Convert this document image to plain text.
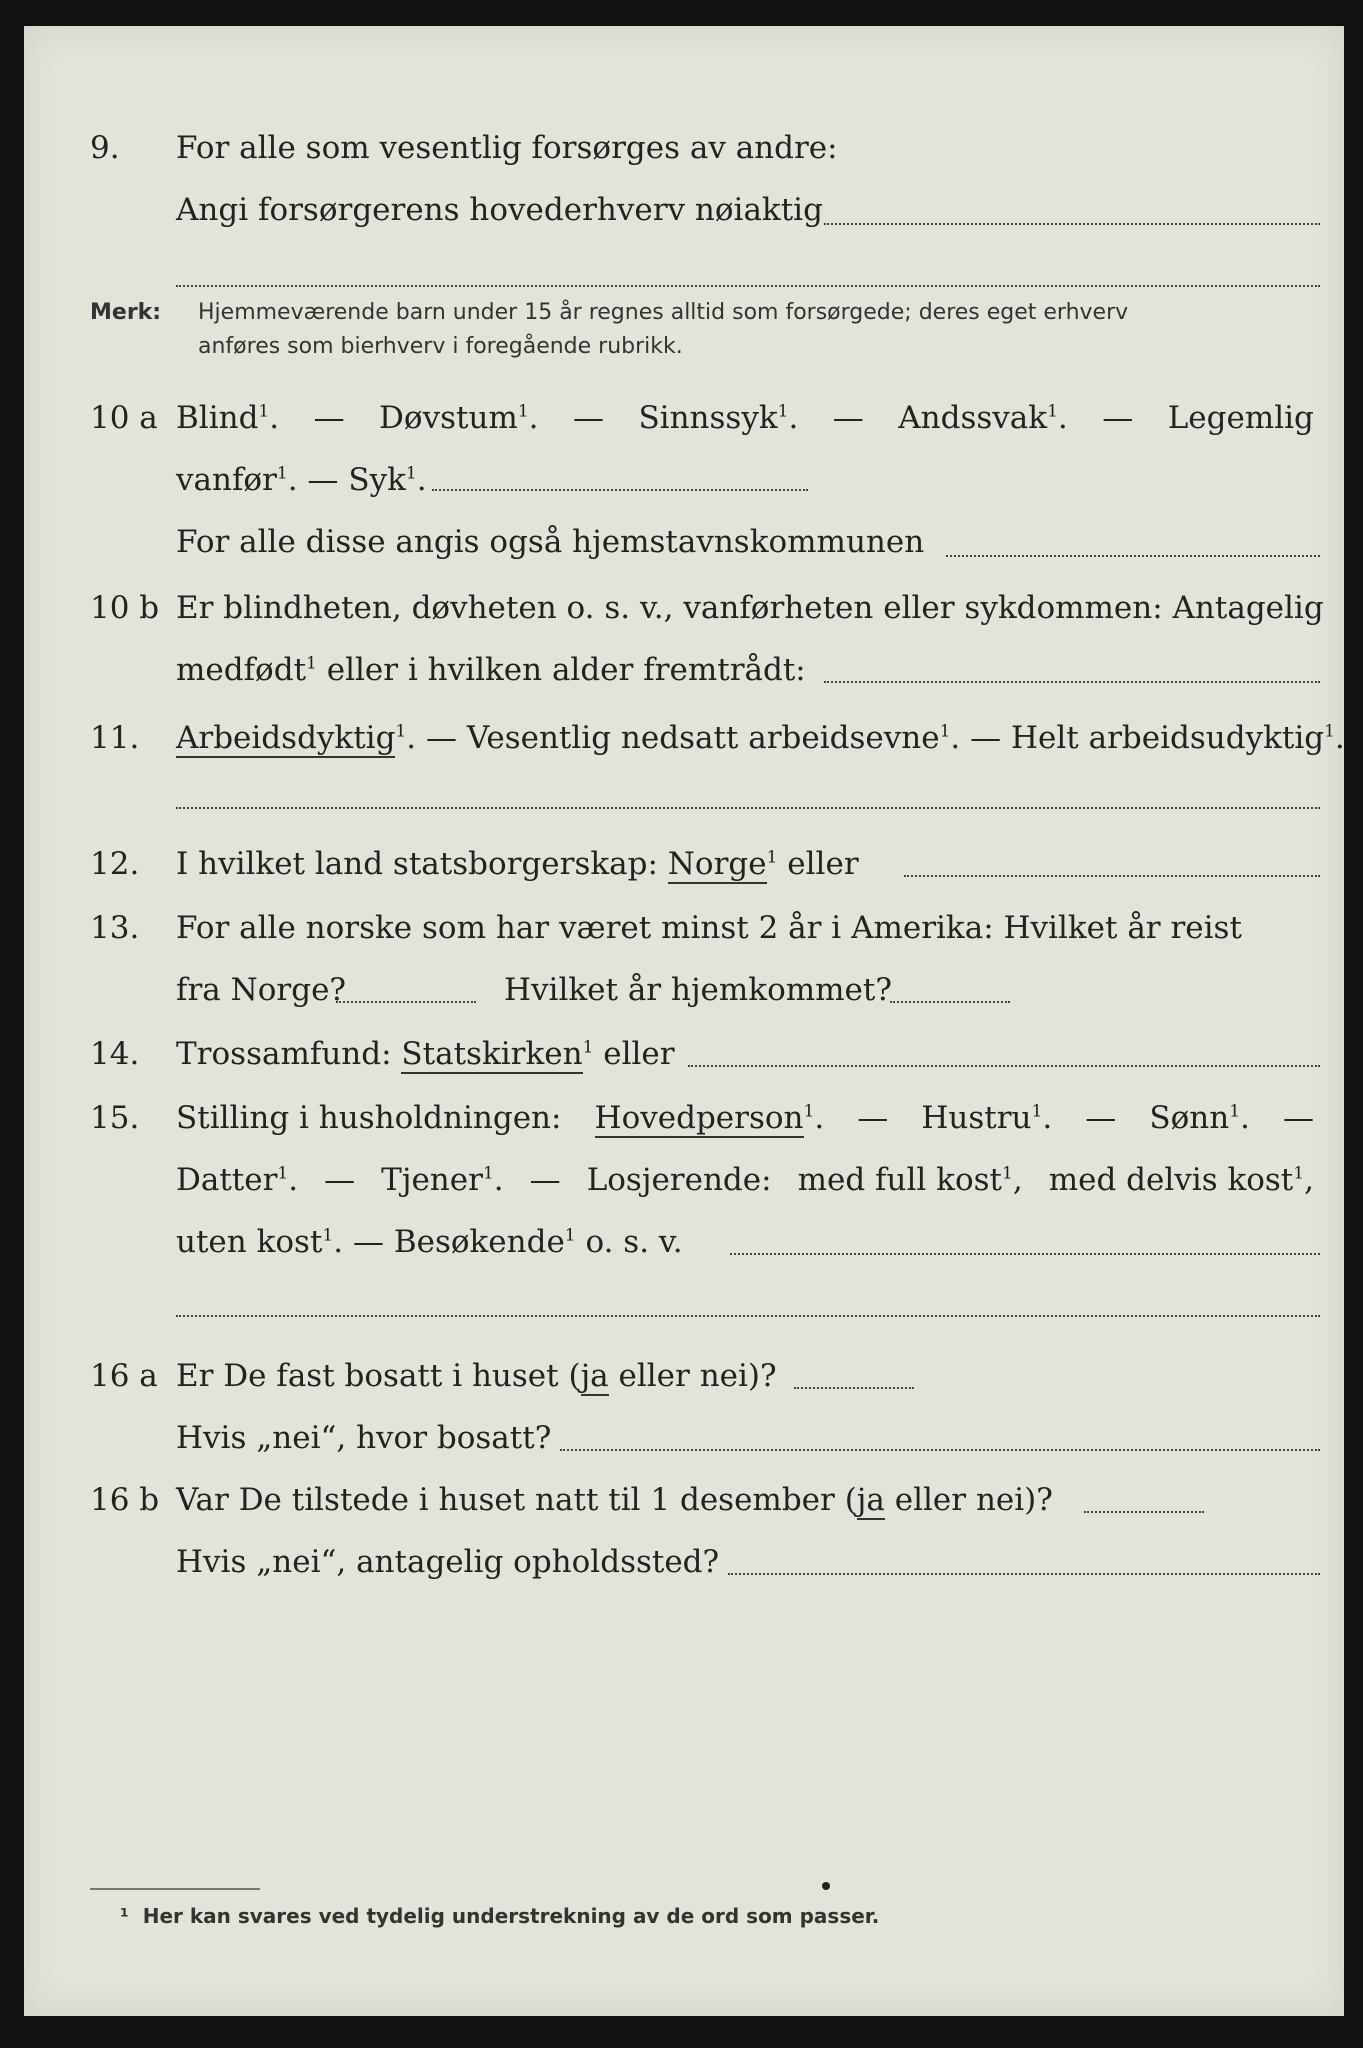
9. For alle som vesentlig forsørges av andre:
Angi forsørgerens hovederhverv nøiaktig
Merk: Hjemmeværende barn under 15 år regnes alltid som forsørgede; deres eget erhverv
anføres som bierhverv i foregående rubrikk.
10 a Blind$^1$. — Døvstum$^1$. — Sinnssyk$^1$. — Andssvak$^1$. — Legemlig
vanfør$^1$. — Syk$^1$.
For alle disse angis også hjemstavnskommunen
10 b Er blindheten, døvheten o. s. v., vanførheten eller sykdommen: Antagelig
medfødt$^1$ eller i hvilken alder fremtrådt:
11. Arbeidsdyktig$^1$. — Vesentlig nedsatt arbeidsevne$^1$. — Helt arbeidsudyktig$^1$.
12. I hvilket land statsborgerskap: Norge$^1$ eller
13. For alle norske som har været minst 2 år i Amerika: Hvilket år reist
fra Norge?	Hvilket år hjemkommet?
14. Trossamfund: Statskirken$^1$ eller
15. Stilling i husholdningen: Hovedperson$^1$. — Hustru$^1$. — Sønn$^1$. —
Datter$^1$. — Tjener$^1$. — Losjerende: med full kost$^1$, med delvis kost$^1$,
uten kost$^1$. — Besøkende$^1$ o. s. v.
16 a Er De fast bosatt i huset (ja eller nei)?
Hvis „nei“, hvor bosatt?
16 b Var De tilstede i huset natt til 1 desember (ja eller nei)?
Hvis „nei“, antagelig opholdssted?
¹ Her kan svares ved tydelig understrekning av de ord som passer.
